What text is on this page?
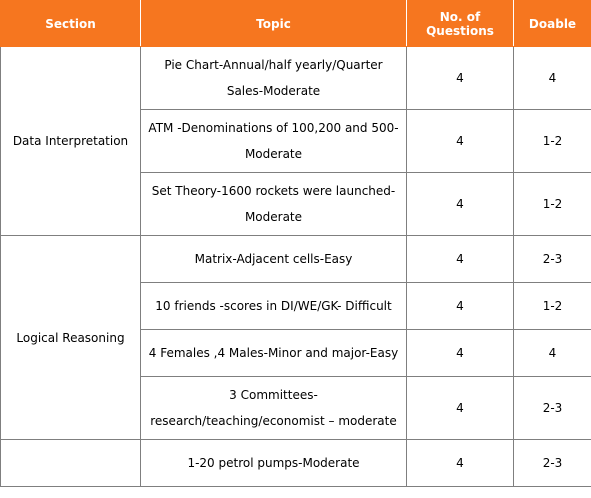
Section	Topic	No. of Questions	Doable
Data Interpretation	Pie Chart-Annual/half yearly/Quarter Sales-Moderate	4	4
	ATM -Denominations of 100,200 and 500-Moderate	4	1-2
	Set Theory-1600 rockets were launched-Moderate	4	1-2
Logical Reasoning	Matrix-Adjacent cells-Easy	4	2-3
	10 friends -scores in DI/WE/GK- Difficult	4	1-2
	4 Females ,4 Males-Minor and major-Easy	4	4
	3 Committees-research/teaching/economist – moderate	4	2-3
	1-20 petrol pumps-Moderate	4	2-3
